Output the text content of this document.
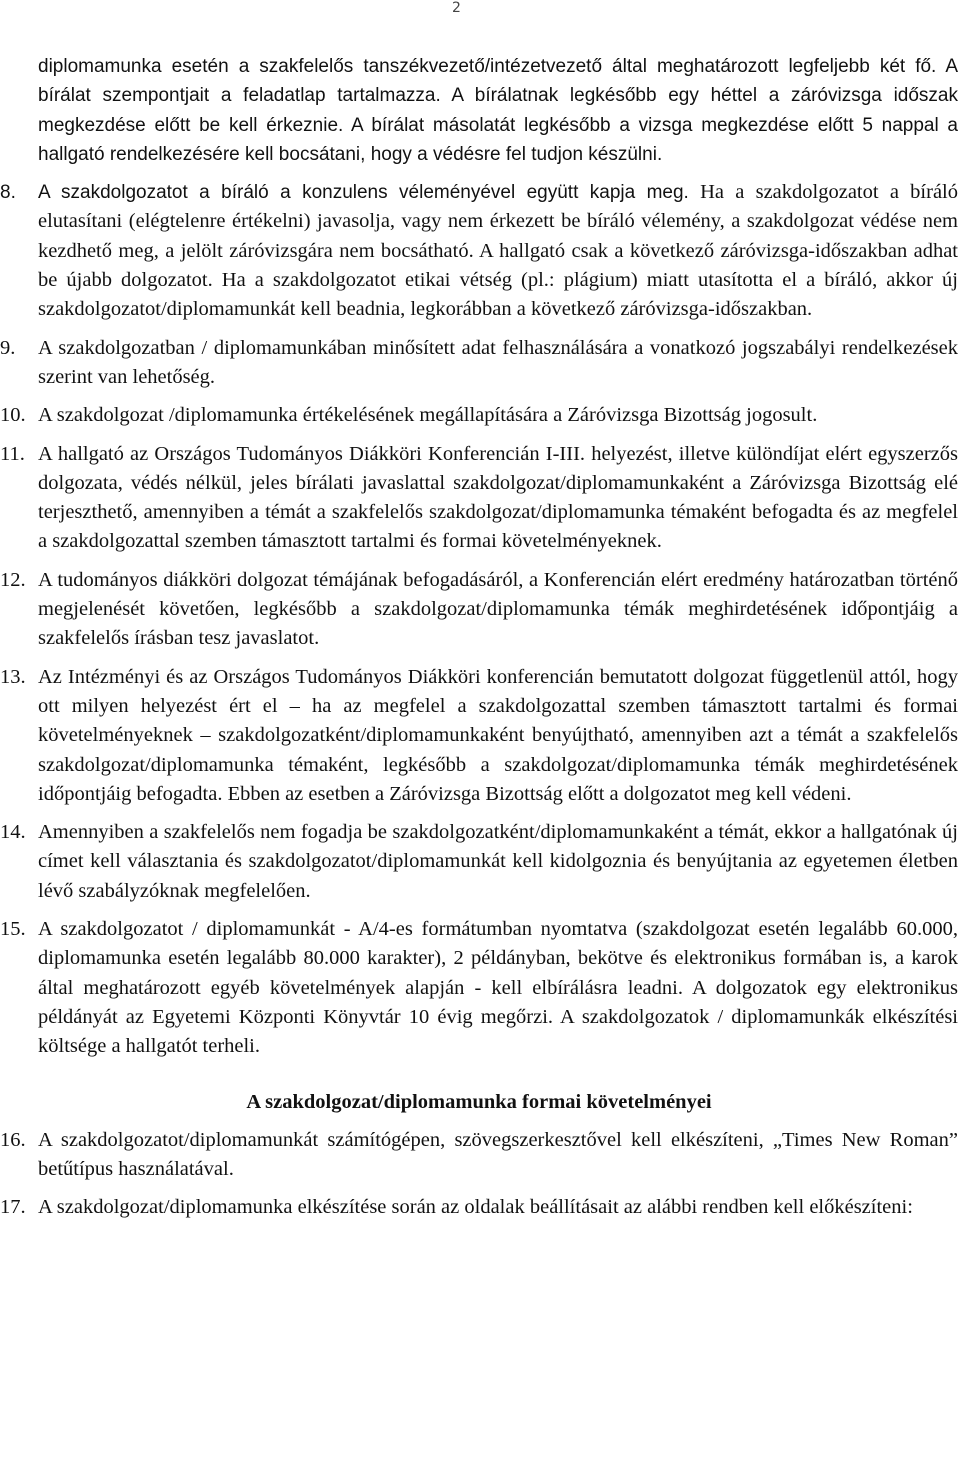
2

diplomamunka esetén a szakfelelős tanszékvezető/intézetvezető által meghatározott legfeljebb két fő. A bírálat szempontjait a feladatlap tartalmazza. A bírálatnak legkésőbb egy héttel a záróvizsga időszak megkezdése előtt be kell érkeznie. A bírálat másolatát legkésőbb a vizsga megkezdése előtt 5 nappal a hallgató rendelkezésére kell bocsátani, hogy a védésre fel tudjon készülni.

8. A szakdolgozatot a bíráló a konzulens véleményével együtt kapja meg. Ha a szakdolgozatot a bíráló elutasítani (elégtelenre értékelni) javasolja, vagy nem érkezett be bíráló vélemény, a szakdolgozat védése nem kezdhető meg, a jelölt záróvizsgára nem bocsátható. A hallgató csak a következő záróvizsga-időszakban adhat be újabb dolgozatot. Ha a szakdolgozatot etikai vétség (pl.: plágium) miatt utasította el a bíráló, akkor új szakdolgozatot/diplomamunkát kell beadnia, legkorábban a következő záróvizsga-időszakban.
9. A szakdolgozatban / diplomamunkában minősített adat felhasználására a vonatkozó jogszabályi rendelkezések szerint van lehetőség.
10. A szakdolgozat /diplomamunka értékelésének megállapítására a Záróvizsga Bizottság jogosult.
11. A hallgató az Országos Tudományos Diákköri Konferencián I-III. helyezést, illetve különdíjat elért egyszerzős dolgozata, védés nélkül, jeles bírálati javaslattal szakdolgozat/diplomamunkaként a Záróvizsga Bizottság elé terjeszthető, amennyiben a témát a szakfelelős szakdolgozat/diplomamunka témaként befogadta és az megfelel a szakdolgozattal szemben támasztott tartalmi és formai követelményeknek.
12. A tudományos diákköri dolgozat témájának befogadásáról, a Konferencián elért eredmény határozatban történő megjelenését követően, legkésőbb a szakdolgozat/diplomamunka témák meghirdetésének időpontjáig a szakfelelős írásban tesz javaslatot.
13. Az Intézményi és az Országos Tudományos Diákköri konferencián bemutatott dolgozat függetlenül attól, hogy ott milyen helyezést ért el – ha az megfelel a szakdolgozattal szemben támasztott tartalmi és formai követelményeknek – szakdolgozatként/diplomamunkaként benyújtható, amennyiben azt a témát a szakfelelős szakdolgozat/diplomamunka témaként, legkésőbb a szakdolgozat/diplomamunka témák meghirdetésének időpontjáig befogadta. Ebben az esetben a Záróvizsga Bizottság előtt a dolgozatot meg kell védeni.
14. Amennyiben a szakfelelős nem fogadja be szakdolgozatként/diplomamunkaként a témát, ekkor a hallgatónak új címet kell választania és szakdolgozatot/diplomamunkát kell kidolgoznia és benyújtania az egyetemen életben lévő szabályzóknak megfelelően.
15. A szakdolgozatot / diplomamunkát - A/4-es formátumban nyomtatva (szakdolgozat esetén legalább 60.000, diplomamunka esetén legalább 80.000 karakter), 2 példányban, bekötve és elektronikus formában is, a karok által meghatározott egyéb követelmények alapján - kell elbírálásra leadni. A dolgozatok egy elektronikus példányát az Egyetemi Központi Könyvtár 10 évig megőrzi. A szakdolgozatok / diplomamunkák elkészítési költsége a hallgatót terheli.
A szakdolgozat/diplomamunka formai követelményei
16. A szakdolgozatot/diplomamunkát számítógépen, szövegszerkesztővel kell elkészíteni, „Times New Roman” betűtípus használatával.
17. A szakdolgozat/diplomamunka elkészítése során az oldalak beállításait az alábbi rendben kell előkészíteni:
